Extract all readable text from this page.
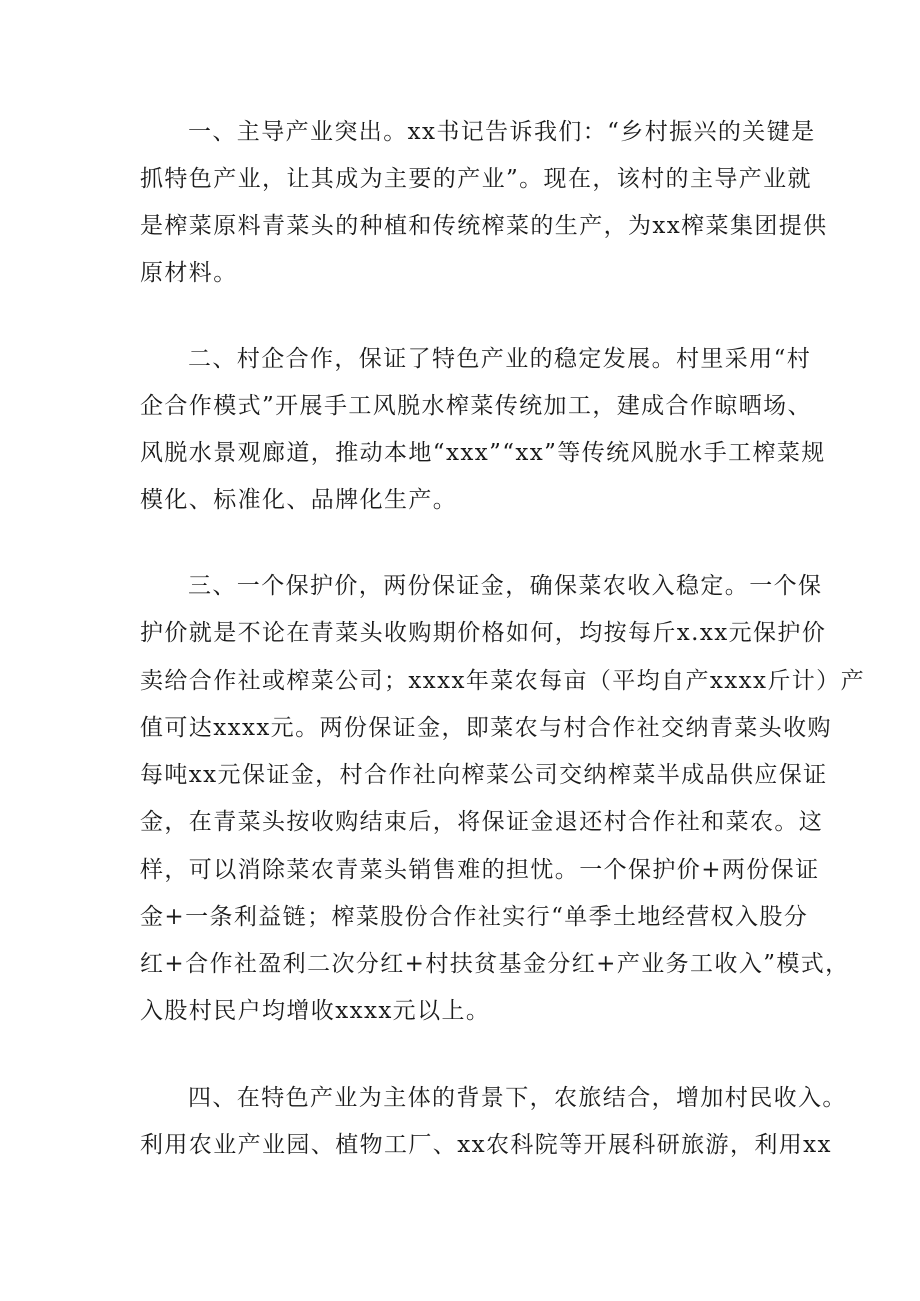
一、主导产业突出。xx书记告诉我们：“乡村振兴的关键是
抓特色产业，让其成为主要的产业”。现在，该村的主导产业就
是榨菜原料青菜头的种植和传统榨菜的生产，为xx榨菜集团提供
原材料。
二、村企合作，保证了特色产业的稳定发展。村里采用“村
企合作模式”开展手工风脱水榨菜传统加工，建成合作晾晒场、
风脱水景观廊道，推动本地“xxx”“xx”等传统风脱水手工榨菜规
模化、标准化、品牌化生产。
三、一个保护价，两份保证金，确保菜农收入稳定。一个保
护价就是不论在青菜头收购期价格如何，均按每斤x.xx元保护价
卖给合作社或榨菜公司；xxxx年菜农每亩（平均自产xxxx斤计）产
值可达xxxx元。两份保证金，即菜农与村合作社交纳青菜头收购
每吨xx元保证金，村合作社向榨菜公司交纳榨菜半成品供应保证
金，在青菜头按收购结束后，将保证金退还村合作社和菜农。这
样，可以消除菜农青菜头销售难的担忧。一个保护价+两份保证
金+一条利益链；榨菜股份合作社实行“单季土地经营权入股分
红+合作社盈利二次分红+村扶贫基金分红+产业务工收入”模式，
入股村民户均增收xxxx元以上。
四、在特色产业为主体的背景下，农旅结合，增加村民收入。
利用农业产业园、植物工厂、xx农科院等开展科研旅游，利用xx
